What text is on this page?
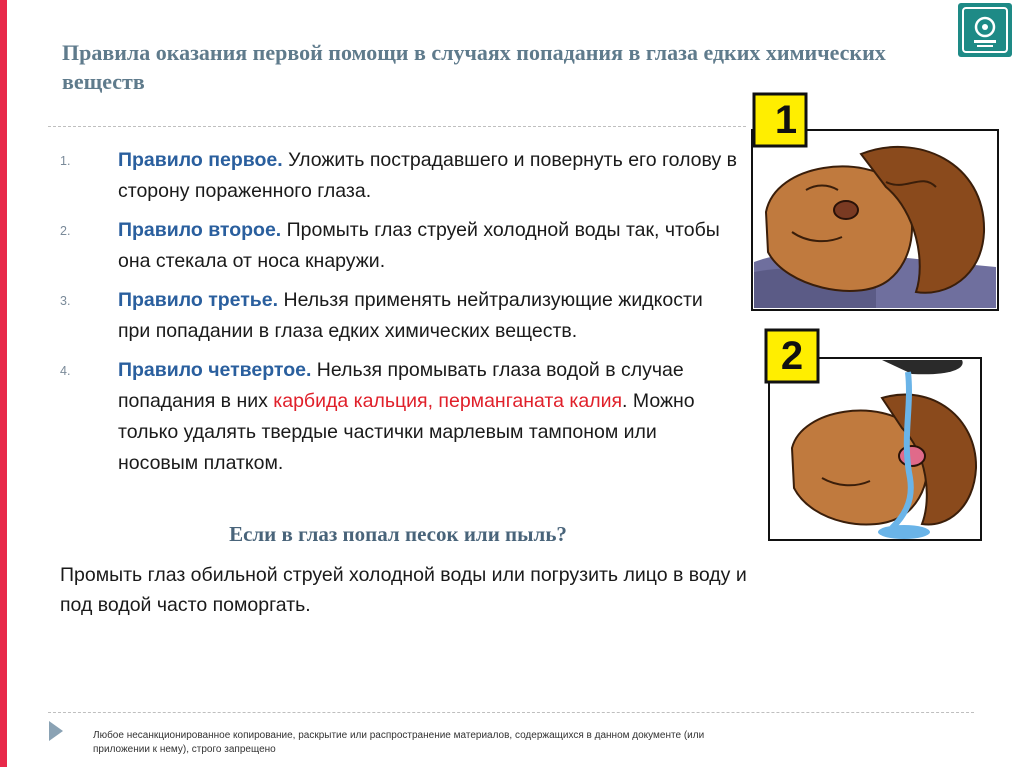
Правила оказания первой помощи в случаях попадания в глаза едких химических веществ
1. Правило первое. Уложить пострадавшего и повернуть его голову в сторону пораженного глаза.
2. Правило второе. Промыть глаз струей холодной воды так, чтобы она стекала от носа кнаружи.
3. Правило третье. Нельзя применять нейтрализующие жидкости при попадании в глаза едких химических веществ.
4. Правило четвертое. Нельзя промывать глаза водой в случае попадания в них карбида кальция, перманганата калия. Можно только удалять твердые частички марлевым тампоном или носовым платком.

Если в глаз попал песок или пыль?

Промыть глаз обильной струей холодной воды или погрузить лицо в воду и под водой часто поморгать.

1
2

Любое несанкционированное копирование, раскрытие или распространение материалов, содержащихся в данном документе (или приложении к нему), строго запрещено
